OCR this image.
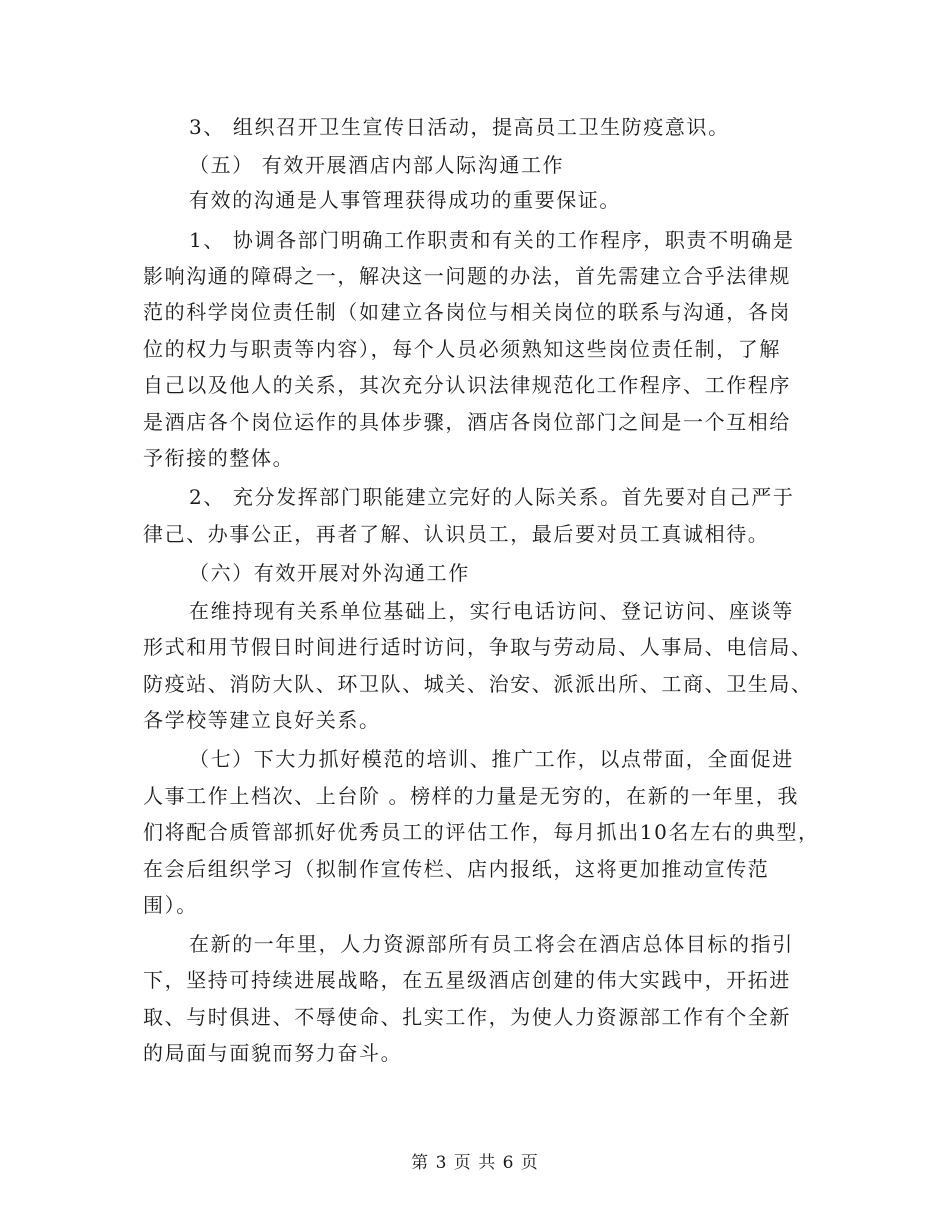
3、 组织召开卫生宣传日活动，提高员工卫生防疫意识。
（五） 有效开展酒店内部人际沟通工作
有效的沟通是人事管理获得成功的重要保证。
1、 协调各部门明确工作职责和有关的工作程序，职责不明确是
影响沟通的障碍之一，解决这一问题的办法，首先需建立合乎法律规
范的科学岗位责任制（如建立各岗位与相关岗位的联系与沟通，各岗
位的权力与职责等内容），每个人员必须熟知这些岗位责任制，了解
自己以及他人的关系，其次充分认识法律规范化工作程序、工作程序
是酒店各个岗位运作的具体步骤，酒店各岗位部门之间是一个互相给
予衔接的整体。
2、 充分发挥部门职能建立完好的人际关系。首先要对自己严于
律己、办事公正，再者了解、认识员工，最后要对员工真诚相待。
（六）有效开展对外沟通工作
在维持现有关系单位基础上，实行电话访问、登记访问、座谈等
形式和用节假日时间进行适时访问，争取与劳动局、人事局、电信局、
防疫站、消防大队、环卫队、城关、治安、派派出所、工商、卫生局、
各学校等建立良好关系。
（七）下大力抓好模范的培训、推广工作，以点带面，全面促进
人事工作上档次、上台阶 。榜样的力量是无穷的，在新的一年里，我
们将配合质管部抓好优秀员工的评估工作，每月抓出10名左右的典型，
在会后组织学习（拟制作宣传栏、店内报纸，这将更加推动宣传范
围）。
在新的一年里，人力资源部所有员工将会在酒店总体目标的指引
下，坚持可持续进展战略，在五星级酒店创建的伟大实践中，开拓进
取、与时俱进、不辱使命、扎实工作，为使人力资源部工作有个全新
的局面与面貌而努力奋斗。
第 3 页 共 6 页
